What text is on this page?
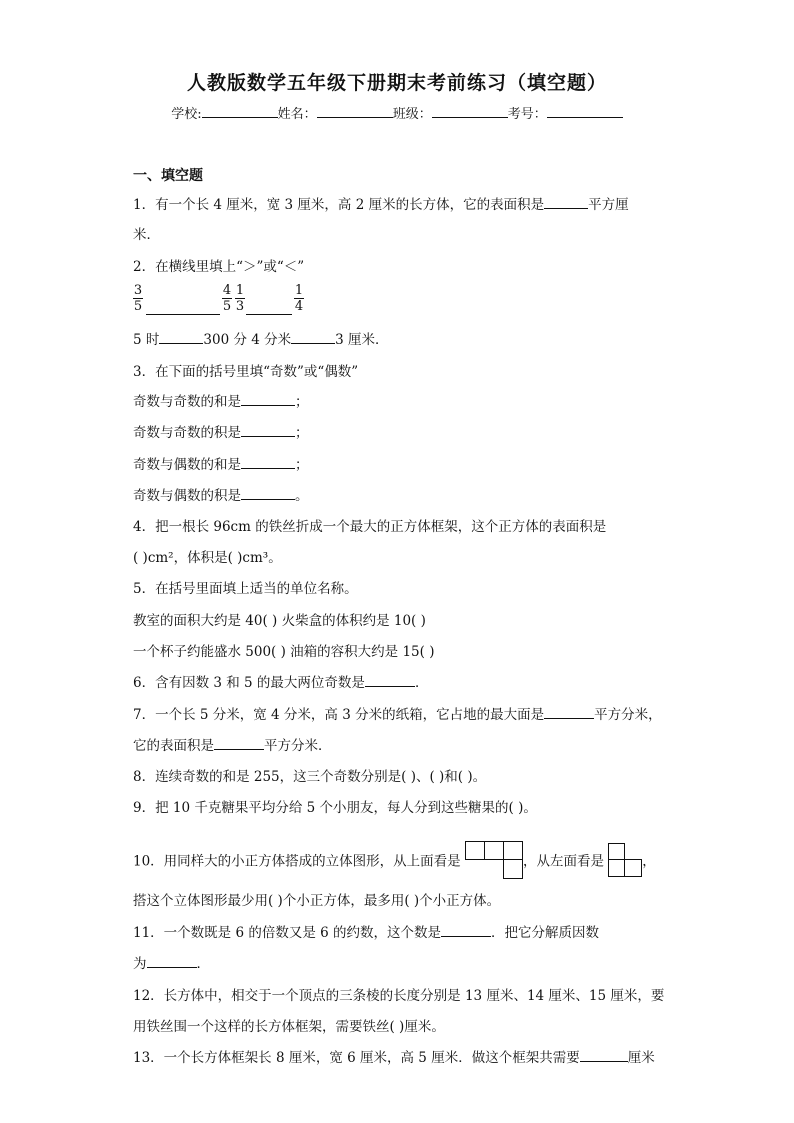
人教版数学五年级下册期末考前练习（填空题）
学校:	姓名：	班级：	考号：
一、填空题
1．有一个长 4 厘米，宽 3 厘米，高 2 厘米的长方体，它的表面积是	平方厘
米．
2．在横线里填上“＞”或“＜”
3
5
4
5
1
3
1
4
5 时	300 分 4 分米	3 厘米．
3．在下面的括号里填“奇数”或“偶数”
奇数与奇数的和是	；
奇数与奇数的积是	；
奇数与偶数的和是	；
奇数与偶数的积是	。
4．把一根长 96cm 的铁丝折成一个最大的正方体框架，这个正方体的表面积是
( )cm²，体积是( )cm³。
5．在括号里面填上适当的单位名称。
教室的面积大约是 40( ) 火柴盒的体积约是 10( )
一个杯子约能盛水 500( ) 油箱的容积大约是 15( )
6．含有因数 3 和 5 的最大两位奇数是	．
7．一个长 5 分米，宽 4 分米，高 3 分米的纸箱，它占地的最大面是	平方分米，
它的表面积是	平方分米．
8．连续奇数的和是 255，这三个奇数分别是( )、( )和( )。
9．把 10 千克糖果平均分给 5 个小朋友，每人分到这些糖果的( )。
10．用同样大的小正方体搭成的立体图形，从上面看是	，从左面看是	，
搭这个立体图形最少用( )个小正方体，最多用( )个小正方体。
11．一个数既是 6 的倍数又是 6 的约数，这个数是	．把它分解质因数
为	．
12．长方体中，相交于一个顶点的三条棱的长度分别是 13 厘米、14 厘米、15 厘米，要
用铁丝围一个这样的长方体框架，需要铁丝( )厘米。
13．一个长方体框架长 8 厘米，宽 6 厘米，高 5 厘米．做这个框架共需要	厘米
